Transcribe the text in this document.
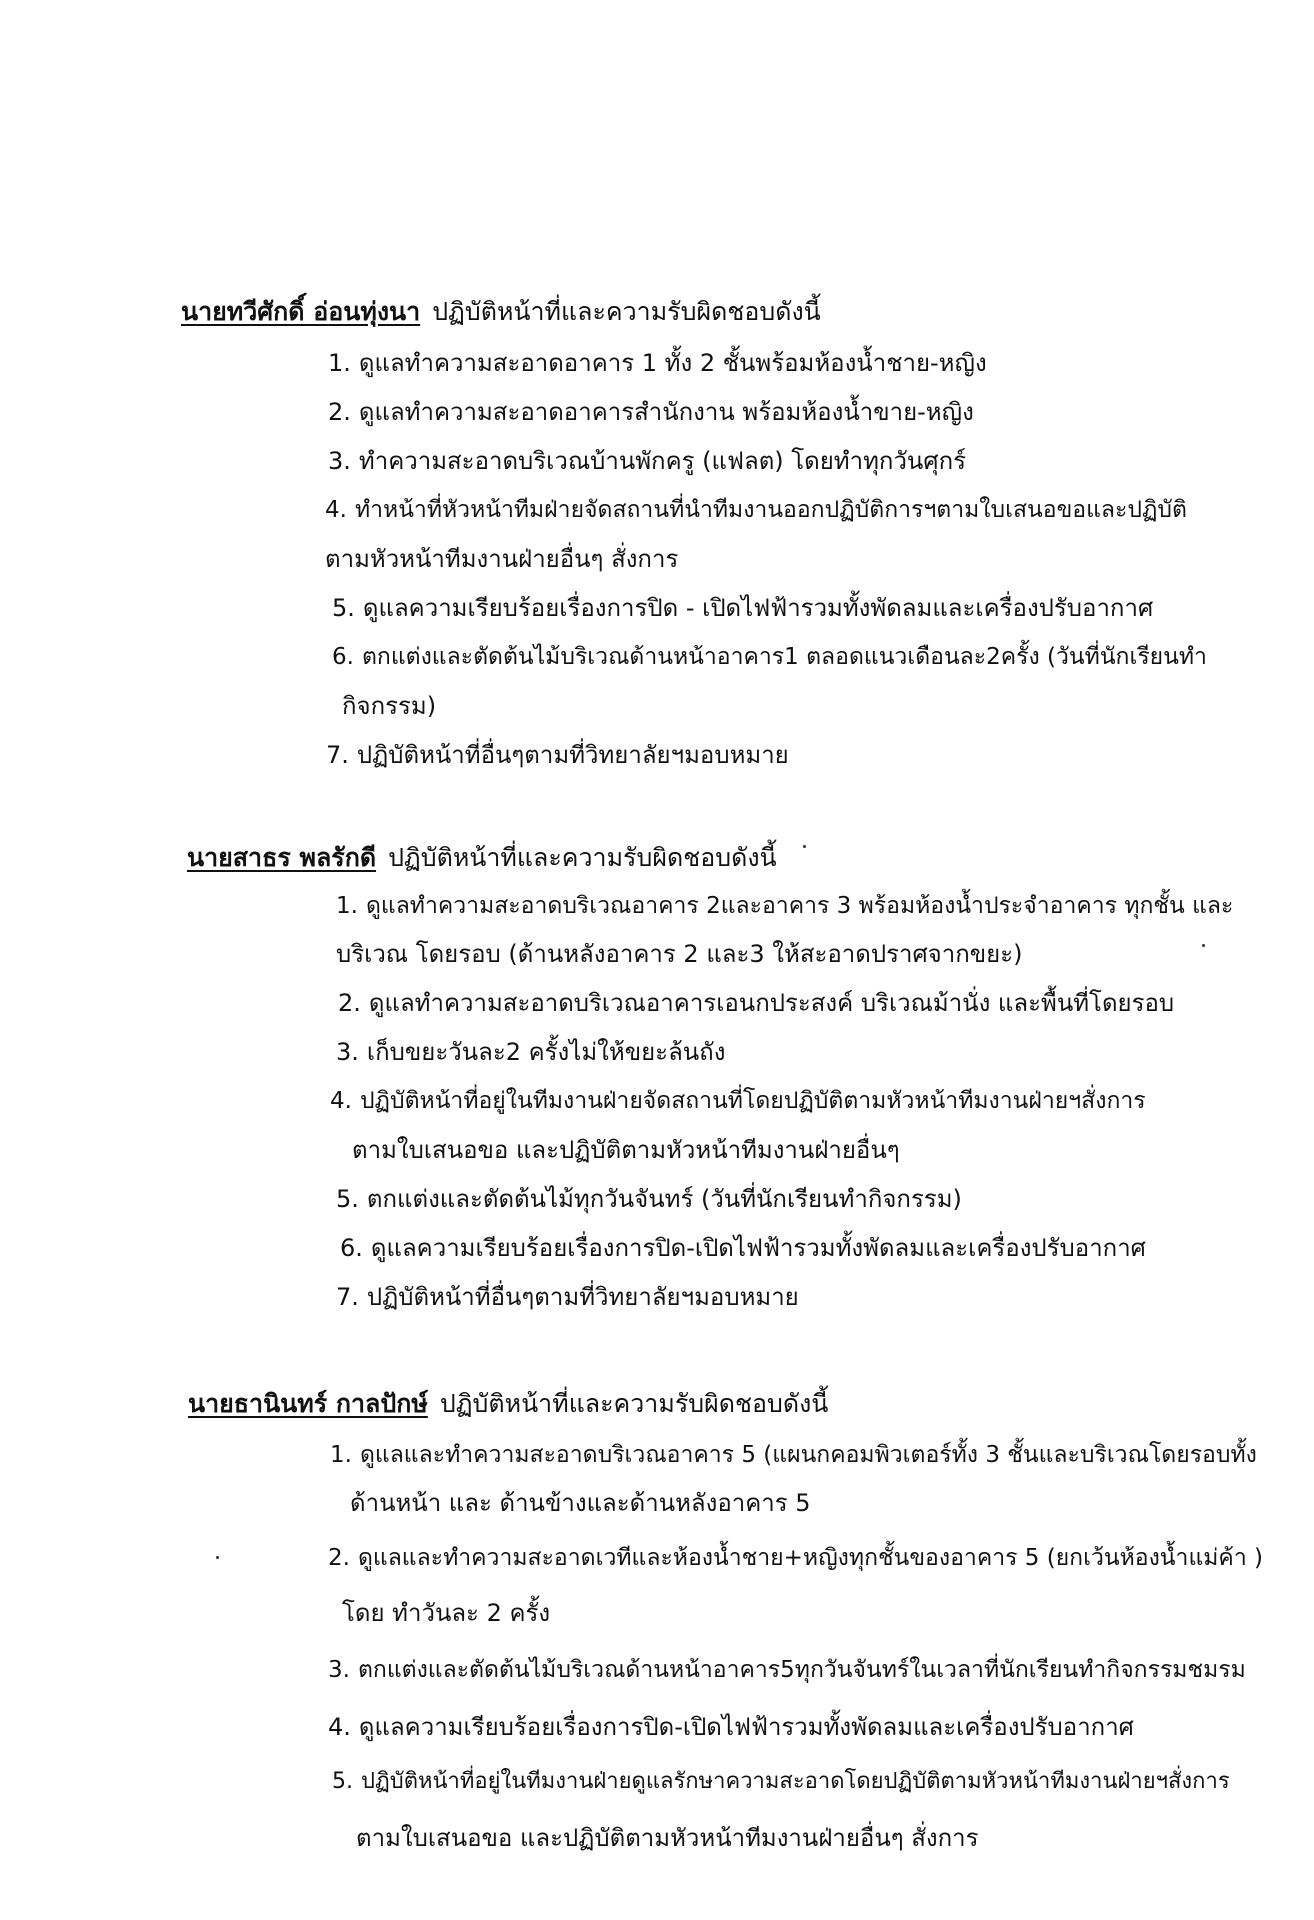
นายทวีศักดิ์ อ่อนทุ่งนา ปฏิบัติหน้าที่และความรับผิดชอบดังนี้
1. ดูแลทำความสะอาดอาคาร 1 ทั้ง 2 ชั้นพร้อมห้องน้ำชาย-หญิง
2. ดูแลทำความสะอาดอาคารสำนักงาน พร้อมห้องน้ำขาย-หญิง
3. ทำความสะอาดบริเวณบ้านพักครู (แฟลต) โดยทำทุกวันศุกร์
4. ทำหน้าที่หัวหน้าทีมฝ่ายจัดสถานที่นำทีมงานออกปฏิบัติการฯตามใบเสนอขอและปฏิบัติ
ตามหัวหน้าทีมงานฝ่ายอื่นๆ สั่งการ
5. ดูแลความเรียบร้อยเรื่องการปิด - เปิดไฟฟ้ารวมทั้งพัดลมและเครื่องปรับอากาศ
6. ตกแต่งและตัดต้นไม้บริเวณด้านหน้าอาคาร1 ตลอดแนวเดือนละ2ครั้ง (วันที่นักเรียนทำ
กิจกรรม)
7. ปฏิบัติหน้าที่อื่นๆตามที่วิทยาลัยฯมอบหมาย
นายสาธร พลรักดี ปฏิบัติหน้าที่และความรับผิดชอบดังนี้
1. ดูแลทำความสะอาดบริเวณอาคาร 2และอาคาร 3 พร้อมห้องน้ำประจำอาคาร ทุกชั้น และ
บริเวณ โดยรอบ (ด้านหลังอาคาร 2 และ3 ให้สะอาดปราศจากขยะ)
2. ดูแลทำความสะอาดบริเวณอาคารเอนกประสงค์ บริเวณม้านั่ง และพื้นที่โดยรอบ
3. เก็บขยะวันละ2 ครั้งไม่ให้ขยะล้นถัง
4. ปฏิบัติหน้าที่อยู่ในทีมงานฝ่ายจัดสถานที่โดยปฏิบัติตามหัวหน้าทีมงานฝ่ายฯสั่งการ
ตามใบเสนอขอ และปฏิบัติตามหัวหน้าทีมงานฝ่ายอื่นๆ
5. ตกแต่งและตัดต้นไม้ทุกวันจันทร์ (วันที่นักเรียนทำกิจกรรม)
6. ดูแลความเรียบร้อยเรื่องการปิด-เปิดไฟฟ้ารวมทั้งพัดลมและเครื่องปรับอากาศ
7. ปฏิบัติหน้าที่อื่นๆตามที่วิทยาลัยฯมอบหมาย
นายธานินทร์ กาลปักษ์ ปฏิบัติหน้าที่และความรับผิดชอบดังนี้
1. ดูแลและทำความสะอาดบริเวณอาคาร 5 (แผนกคอมพิวเตอร์ทั้ง 3 ชั้นและบริเวณโดยรอบทั้ง
ด้านหน้า และ ด้านข้างและด้านหลังอาคาร 5
2. ดูแลและทำความสะอาดเวทีและห้องน้ำชาย+หญิงทุกชั้นของอาคาร 5 (ยกเว้นห้องน้ำแม่ค้า )
โดย ทำวันละ 2 ครั้ง
3. ตกแต่งและตัดต้นไม้บริเวณด้านหน้าอาคาร5ทุกวันจันทร์ในเวลาที่นักเรียนทำกิจกรรมชมรม
4. ดูแลความเรียบร้อยเรื่องการปิด-เปิดไฟฟ้ารวมทั้งพัดลมและเครื่องปรับอากาศ
5. ปฏิบัติหน้าที่อยู่ในทีมงานฝ่ายดูแลรักษาความสะอาดโดยปฏิบัติตามหัวหน้าทีมงานฝ่ายฯสั่งการ
ตามใบเสนอขอ และปฏิบัติตามหัวหน้าทีมงานฝ่ายอื่นๆ สั่งการ
